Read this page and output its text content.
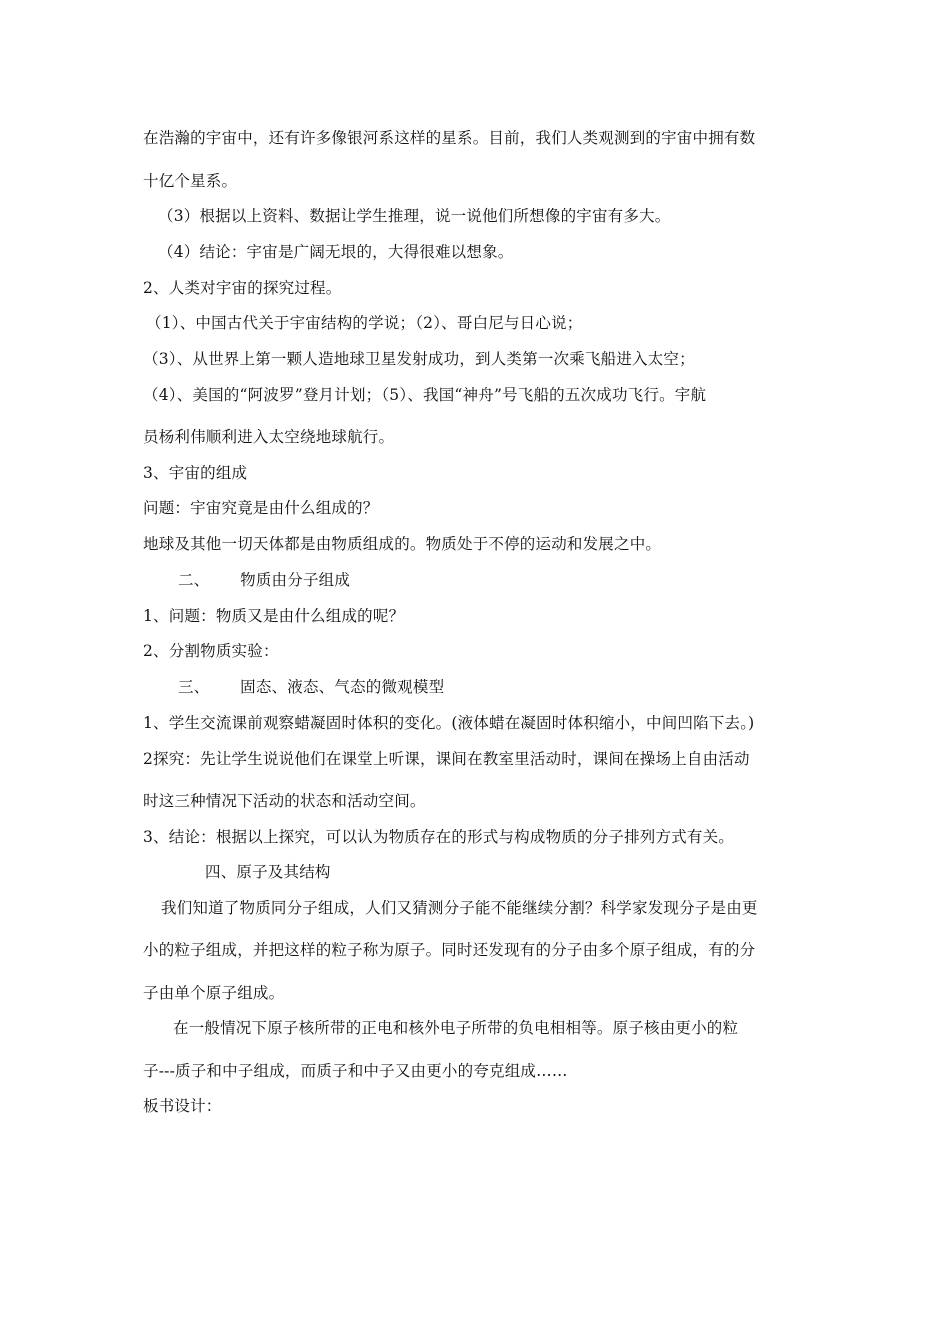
在浩瀚的宇宙中，还有许多像银河系这样的星系。目前，我们人类观测到的宇宙中拥有数
十亿个星系。
（3）根据以上资料、数据让学生推理，说一说他们所想像的宇宙有多大。
（4）结论：宇宙是广阔无垠的，大得很难以想象。
2、人类对宇宙的探究过程。
（1）、中国古代关于宇宙结构的学说；（2）、哥白尼与日心说；
（3）、从世界上第一颗人造地球卫星发射成功，到人类第一次乘飞船进入太空；
（4）、美国的“阿波罗”登月计划；（5）、我国“神舟”号飞船的五次成功飞行。宇航
员杨利伟顺利进入太空绕地球航行。
3、宇宙的组成
问题：宇宙究竟是由什么组成的？
地球及其他一切天体都是由物质组成的。物质处于不停的运动和发展之中。
二、      物质由分子组成
1、问题：物质又是由什么组成的呢？
2、分割物质实验：
三、      固态、液态、气态的微观模型
1、学生交流课前观察蜡凝固时体积的变化。(液体蜡在凝固时体积缩小，中间凹陷下去。)
2探究：先让学生说说他们在课堂上听课，课间在教室里活动时，课间在操场上自由活动
时这三种情况下活动的状态和活动空间。
3、结论：根据以上探究，可以认为物质存在的形式与构成物质的分子排列方式有关。
四、原子及其结构
我们知道了物质同分子组成，人们又猜测分子能不能继续分割？科学家发现分子是由更
小的粒子组成，并把这样的粒子称为原子。同时还发现有的分子由多个原子组成，有的分
子由单个原子组成。
在一般情况下原子核所带的正电和核外电子所带的负电相相等。原子核由更小的粒
子---质子和中子组成，而质子和中子又由更小的夸克组成……
板书设计：
